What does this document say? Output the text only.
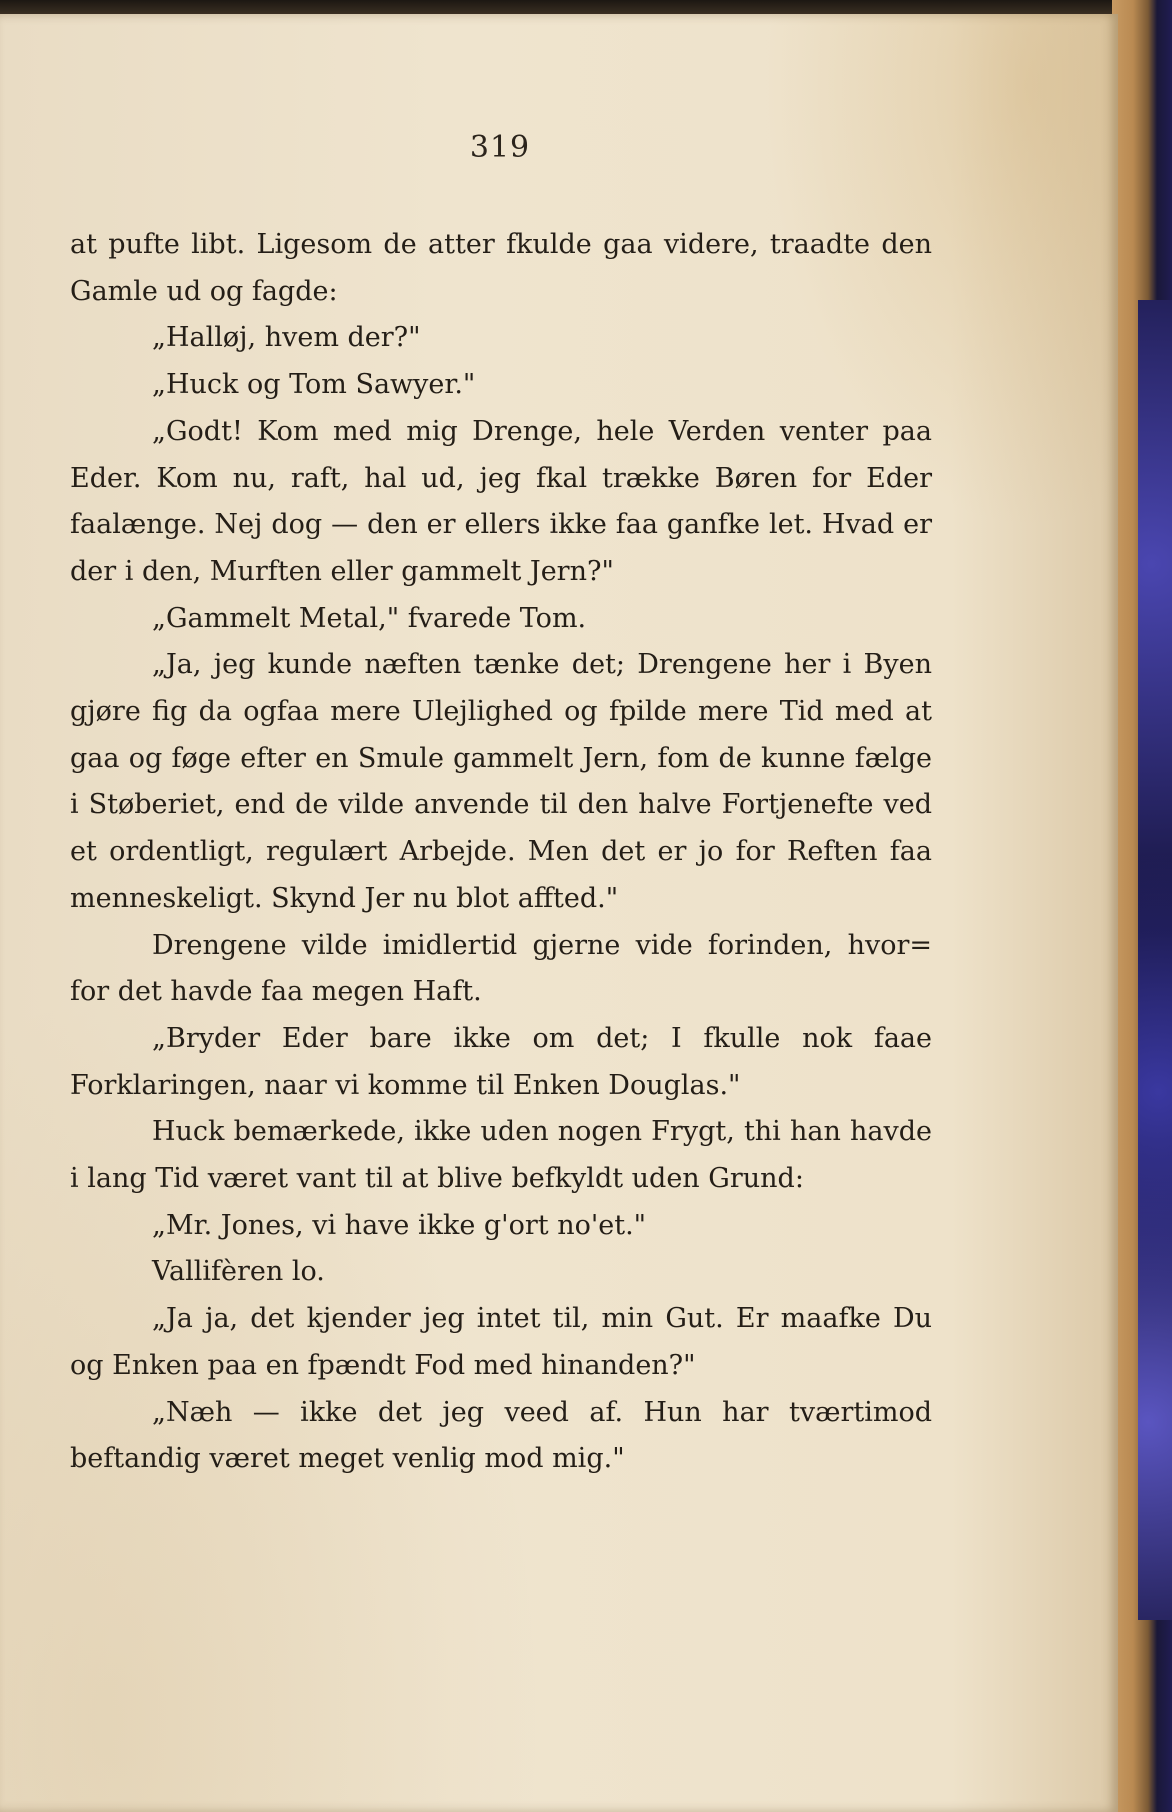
319

at pufte libt. Ligesom de atter fkulde gaa videre, traadte den Gamle ud og fagde:

„Halløj, hvem der?"

„Huck og Tom Sawyer."

„Godt! Kom med mig Drenge, hele Verden venter paa Eder. Kom nu, raft, hal ud, jeg fkal trække Børen for Eder faalænge. Nej dog — den er ellers ikke faa ganfke let. Hvad er der i den, Murften eller gammelt Jern?"

„Gammelt Metal," fvarede Tom.

„Ja, jeg kunde næften tænke det; Drengene her i Byen gjøre fig da ogfaa mere Ulejlighed og fpilde mere Tid med at gaa og føge efter en Smule gammelt Jern, fom de kunne fælge i Støberiet, end de vilde anvende til den halve Fortjenefte ved et ordentligt, regulært Arbejde. Men det er jo for Reften faa menneskeligt. Skynd Jer nu blot affted."

Drengene vilde imidlertid gjerne vide forinden, hvor= for det havde faa megen Haft.

„Bryder Eder bare ikke om det; I fkulle nok faae Forklaringen, naar vi komme til Enken Douglas."

Huck bemærkede, ikke uden nogen Frygt, thi han havde i lang Tid været vant til at blive befkyldt uden Grund:

„Mr. Jones, vi have ikke g'ort no'et."

Vallifèren lo.

„Ja ja, det kjender jeg intet til, min Gut. Er maafke Du og Enken paa en fpændt Fod med hinanden?"

„Næh — ikke det jeg veed af. Hun har tværtimod beftandig været meget venlig mod mig."
